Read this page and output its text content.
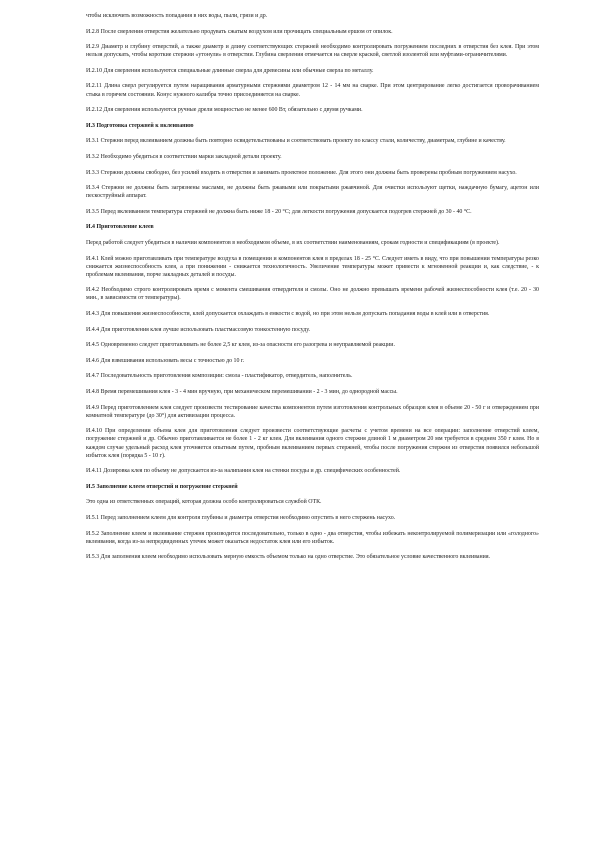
чтобы исключить возможность попадания в них воды, пыли, грязи и др.

И.2.8 После сверления отверстия желательно продувать сжатым воздухом или прочищать специальным ершом от опилок.

И.2.9 Диаметр и глубину отверстий, а также диаметр и длину соответствующих стержней необходимо контролировать погружением последних в отверстия без клея. При этом нельзя допускать, чтобы короткие стержни «утонули» в отверстии. Глубина сверления отмечается на сверле краской, светлой изолентой или муфтами-ограничителями.

И.2.10 Для сверления используются специальные длинные сверла для древесины или обычные сверла по металлу.

И.2.11 Длина сверл регулируется путем наращивания арматурными стержнями диаметром 12 - 14 мм на сварке. При этом центрирование легко достигается проворачиванием стыка в горячем состоянии. Конус нужного калибра точно присоединяется на сварке.

И.2.12 Для сверления используются ручные дрели мощностью не менее 600 Вт, обязательно с двумя ручками.

И.3 Подготовка стержней к вклеиванию

И.3.1 Стержни перед вклеиванием должны быть повторно освидетельствованы и соответствовать проекту по классу стали, количеству, диаметрам, глубине и качеству.

И.3.2 Необходимо убедиться в соответствии марки закладной детали проекту.

И.3.3 Стержни должны свободно, без усилий входить в отверстия и занимать проектное положение. Для этого они должны быть проверены пробным погружением насухо.

И.3.4 Стержни не должны быть загрязнены маслами, не должны быть ржавыми или покрытыми ржавчиной. Для очистки используют щетки, наждачную бумагу, ацетон или пескоструйный аппарат.

И.3.5 Перед вклеиванием температура стержней не должна быть ниже 18 - 20 °С; для легкости погружения допускается подогрев стержней до 30 - 40 °С.

И.4 Приготовление клеев

Перед работой следует убедиться в наличии компонентов в необходимом объеме, в их соответствии наименованиям, срокам годности и спецификациям (в проекте).

И.4.1 Клей можно приготавливать при температуре воздуха в помещении и компонентов клея в пределах 18 - 25 °С. Следует иметь в виду, что при повышении температуры резко снижается жизнеспособность клея, а при понижении - снижается технологичность. Увеличение температуры может привести к мгновенной реакции и, как следствие, - к проблемам вклеивания, порче закладных деталей и посуды.

И.4.2 Необходимо строго контролировать время с момента смешивания отвердителя и смолы. Оно не должно превышать времени рабочей жизнеспособности клея (т.е. 20 - 30 мин., в зависимости от температуры).

И.4.3 Для повышения жизнеспособности, клей допускается охлаждать в емкости с водой, но при этом нельзя допускать попадания воды в клей или в отверстия.

И.4.4 Для приготовления клея лучше использовать пластмассовую тонкостенную посуду.

И.4.5 Одновременно следует приготавливать не более 2,5 кг клея, из-за опасности его разогрева и неуправляемой реакции.

И.4.6 Для взвешивания использовать весы с точностью до 10 г.

И.4.7 Последовательность приготовления композиции: смола - пластификатор, отвердитель, наполнитель.

И.4.8 Время перемешивания клея - 3 - 4 мин вручную, при механическом перемешивании - 2 - 3 мин, до однородной массы.

И.4.9 Перед приготовлением клея следует произвести тестирование качества компонентов путем изготовления контрольных образцов клея в объеме 20 - 50 г и отверждением при комнатной температуре (до 30°) для активизации процесса.

И.4.10 При определении объема клея для приготовления следует произвести соответствующие расчеты с учетом времени на все операции: заполнение отверстий клеем, погружение стержней и др. Обычно приготавливается не более 1 - 2 кг клея. Для вклеивания одного стержня длиной 1 м диаметром 20 мм требуется в среднем 350 г клея. Но в каждом случае удельный расход клея уточняется опытным путем, пробным вклеиванием первых стержней, чтобы после погружения стержня из отверстия появился небольшой избыток клея (порядка 5 - 10 г).

И.4.11 Дозировка клея по объему не допускается из-за налипания клея на стенки посуды и др. специфических особенностей.

И.5 Заполнение клеем отверстий и погружение стержней

Это одна из ответственных операций, которая должна особо контролироваться службой ОТК.

И.5.1 Перед заполнением клеем для контроля глубины и диаметра отверстия необходимо опустить в него стержень насухо.

И.5.2 Заполнение клеем и вклеивание стержня производится последовательно, только в одно - два отверстия, чтобы избежать неконтролируемой полимеризации или «голодного» вклеивания, когда из-за непредвиденных утечек может оказаться недостаток клея или его избыток.

И.5.3 Для заполнения клеем необходимо использовать мерную емкость объемом только на одно отверстие. Это обязательное условие качественного вклеивания.
